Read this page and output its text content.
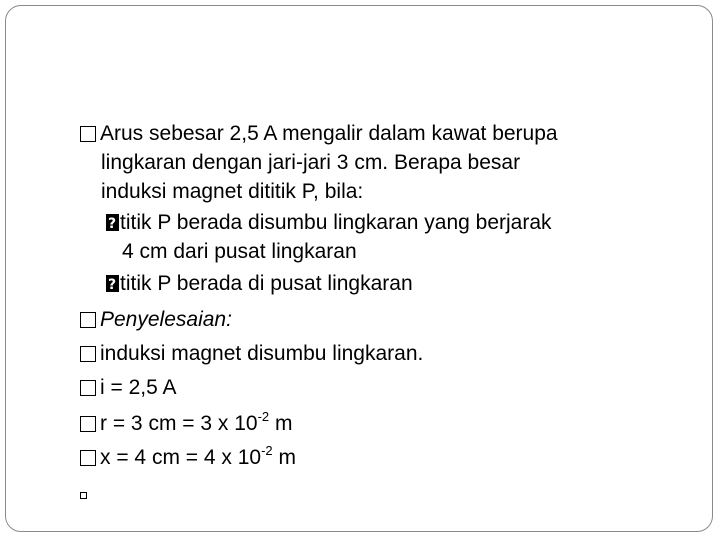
Arus sebesar 2,5 A mengalir dalam kawat berupa
lingkaran dengan jari-jari 3 cm. Berapa besar
induksi magnet dititik P, bila:
?titik P berada disumbu lingkaran yang berjarak
4 cm dari pusat lingkaran
?titik P berada di pusat lingkaran
Penyelesaian:
induksi magnet disumbu lingkaran.
i = 2,5 A
r = 3 cm = 3 x $10^{-2}$ m
x = 4 cm = 4 x $10^{-2}$ m
